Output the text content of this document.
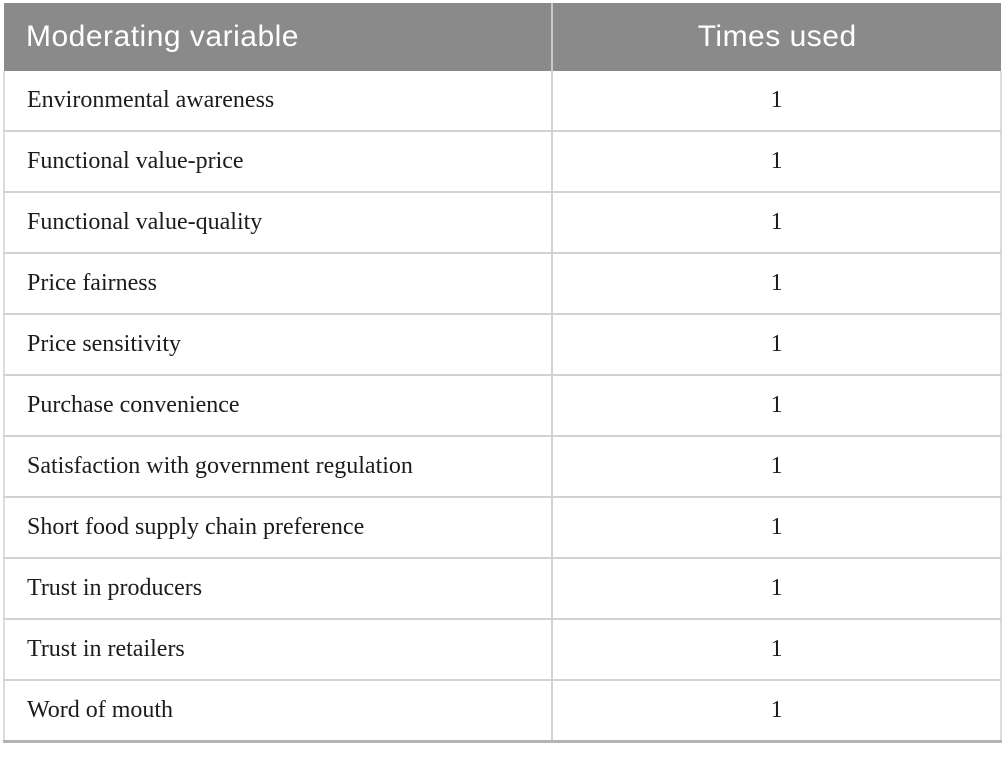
Moderating variable	Times used
Environmental awareness	1
Functional value-price	1
Functional value-quality	1
Price fairness	1
Price sensitivity	1
Purchase convenience	1
Satisfaction with government regulation	1
Short food supply chain preference	1
Trust in producers	1
Trust in retailers	1
Word of mouth	1
